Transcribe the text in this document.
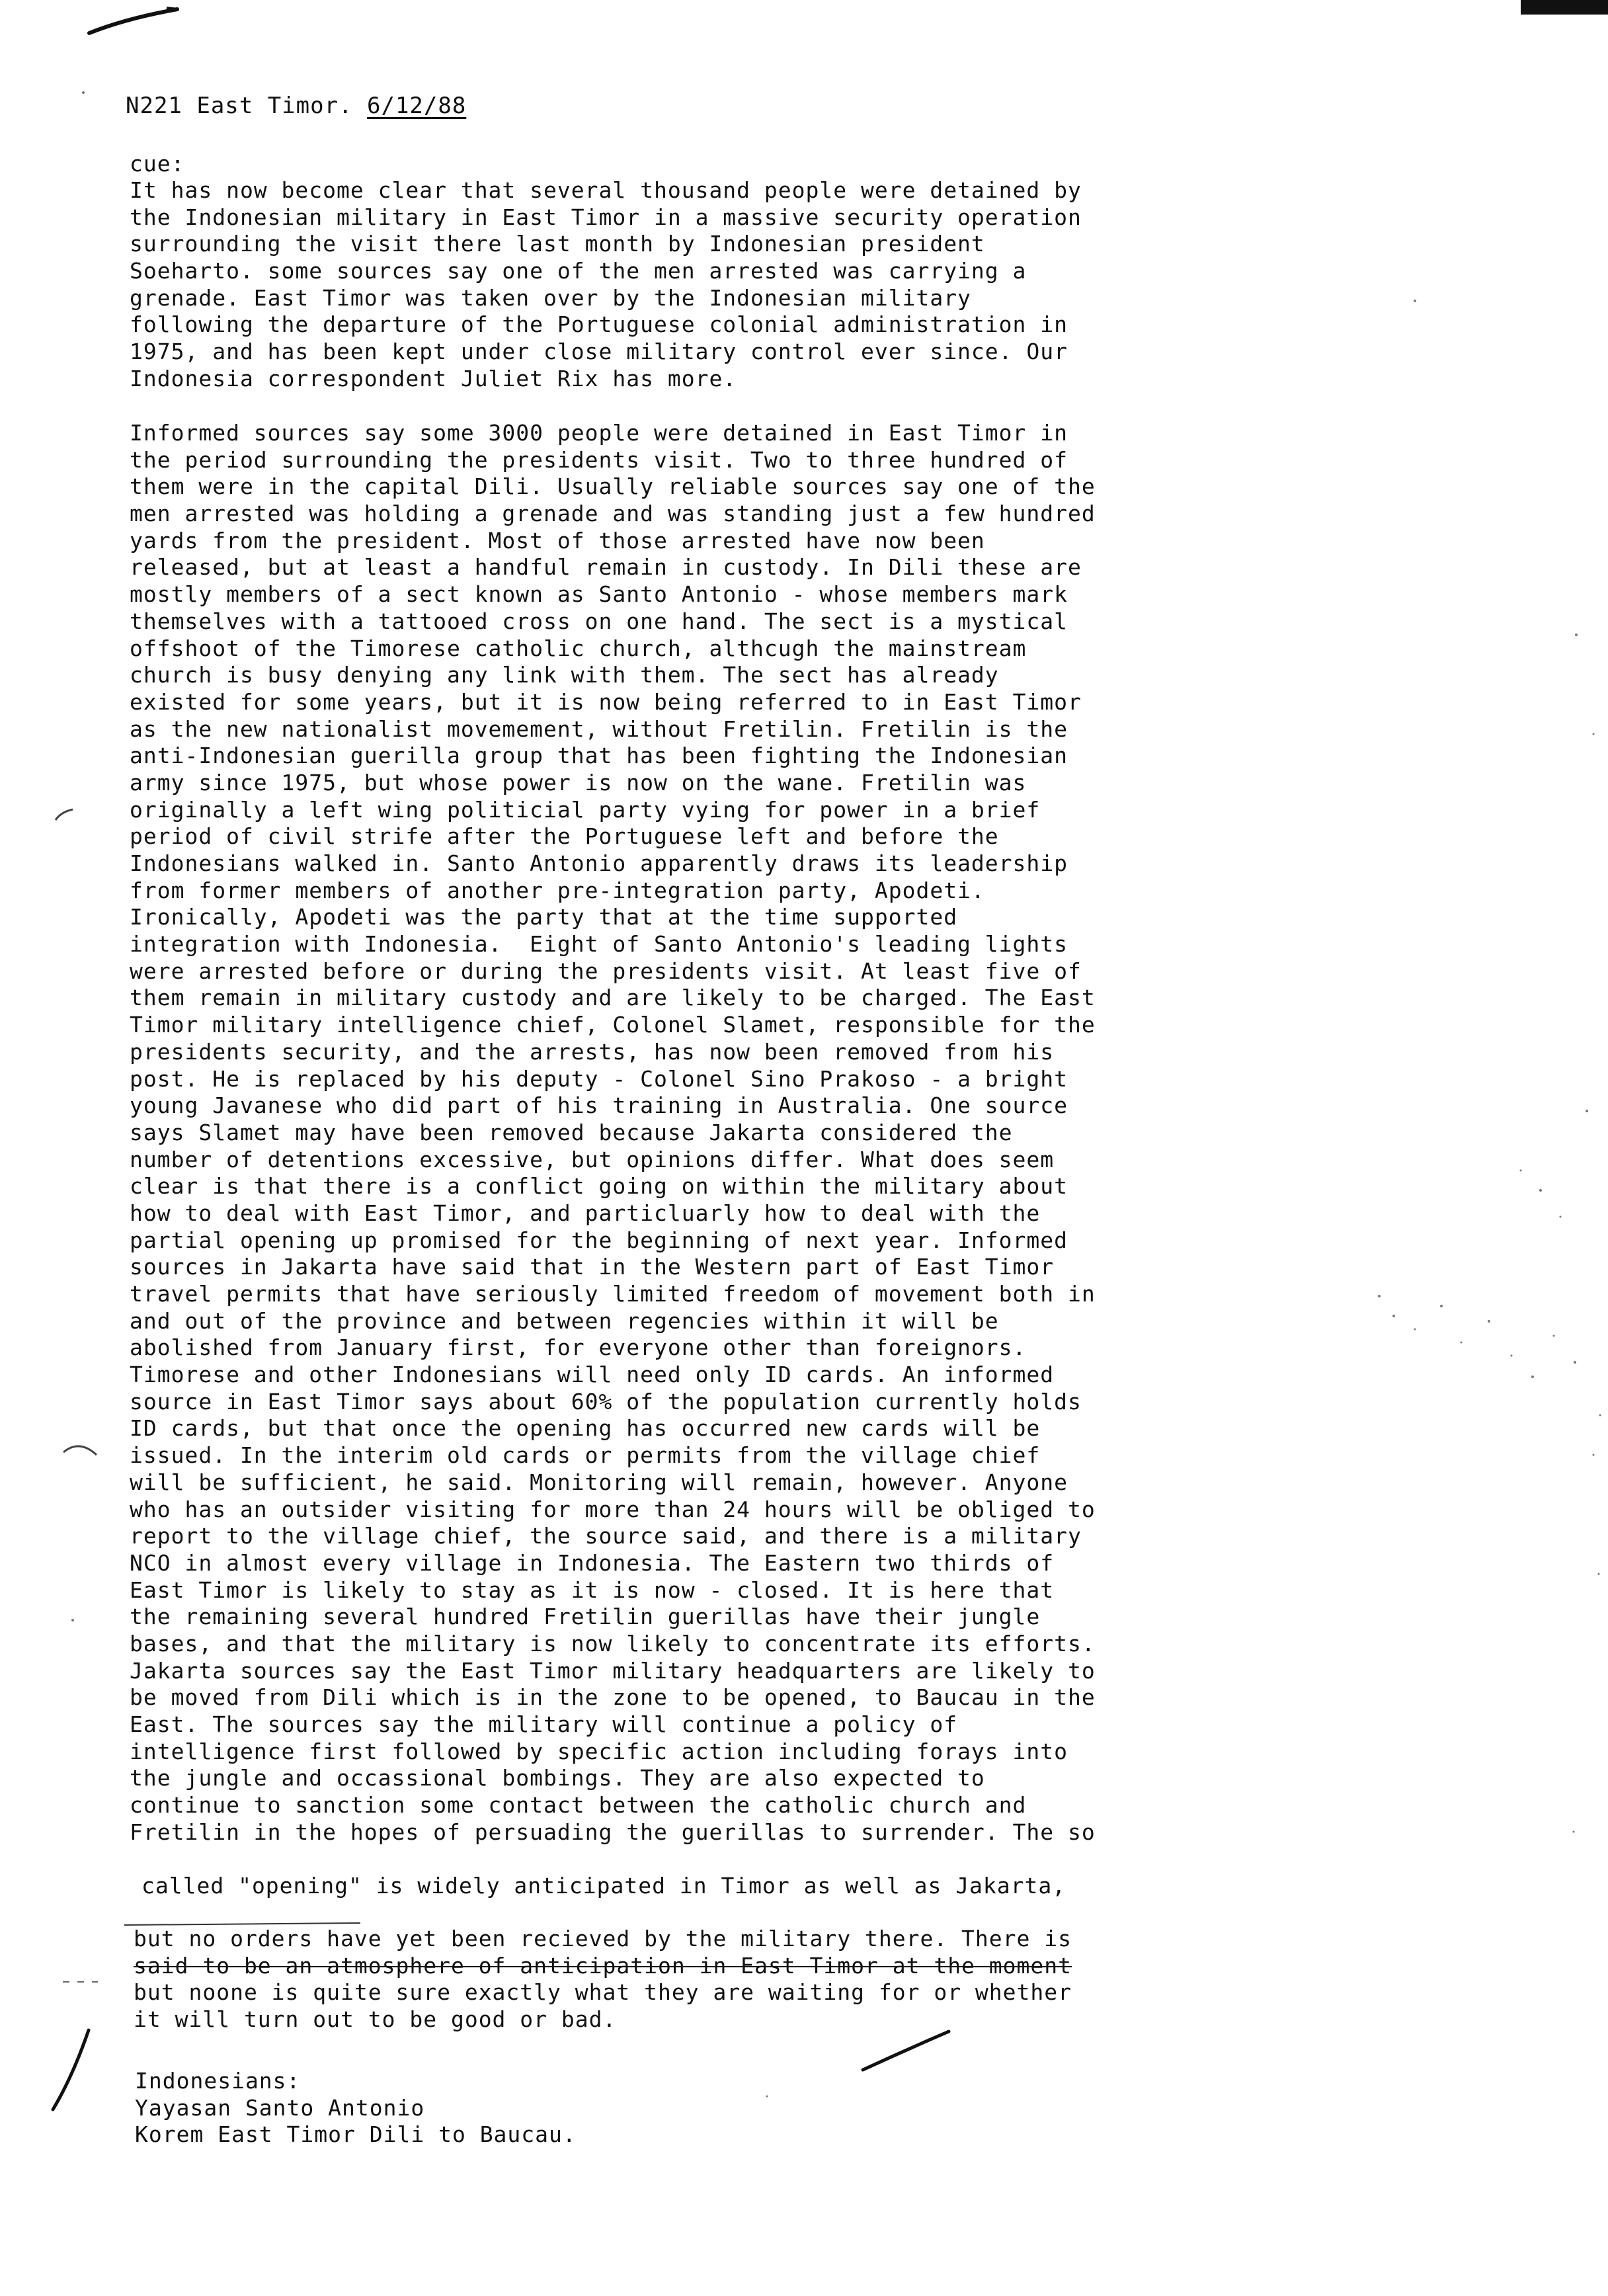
N221 East Timor. 6/12/88
cue:
It has now become clear that several thousand people were detained by
the Indonesian military in East Timor in a massive security operation
surrounding the visit there last month by Indonesian president
Soeharto. some sources say one of the men arrested was carrying a
grenade. East Timor was taken over by the Indonesian military
following the departure of the Portuguese colonial administration in
1975, and has been kept under close military control ever since. Our
Indonesia correspondent Juliet Rix has more.
Informed sources say some 3000 people were detained in East Timor in
the period surrounding the presidents visit. Two to three hundred of
them were in the capital Dili. Usually reliable sources say one of the
men arrested was holding a grenade and was standing just a few hundred
yards from the president. Most of those arrested have now been
released, but at least a handful remain in custody. In Dili these are
mostly members of a sect known as Santo Antonio - whose members mark
themselves with a tattooed cross on one hand. The sect is a mystical
offshoot of the Timorese catholic church, althcugh the mainstream
church is busy denying any link with them. The sect has already
existed for some years, but it is now being referred to in East Timor
as the new nationalist movemement, without Fretilin. Fretilin is the
anti-Indonesian guerilla group that has been fighting the Indonesian
army since 1975, but whose power is now on the wane. Fretilin was
originally a left wing politicial party vying for power in a brief
period of civil strife after the Portuguese left and before the
Indonesians walked in. Santo Antonio apparently draws its leadership
from former members of another pre-integration party, Apodeti.
Ironically, Apodeti was the party that at the time supported
integration with Indonesia.  Eight of Santo Antonio's leading lights
were arrested before or during the presidents visit. At least five of
them remain in military custody and are likely to be charged. The East
Timor military intelligence chief, Colonel Slamet, responsible for the
presidents security, and the arrests, has now been removed from his
post. He is replaced by his deputy - Colonel Sino Prakoso - a bright
young Javanese who did part of his training in Australia. One source
says Slamet may have been removed because Jakarta considered the
number of detentions excessive, but opinions differ. What does seem
clear is that there is a conflict going on within the military about
how to deal with East Timor, and particluarly how to deal with the
partial opening up promised for the beginning of next year. Informed
sources in Jakarta have said that in the Western part of East Timor
travel permits that have seriously limited freedom of movement both in
and out of the province and between regencies within it will be
abolished from January first, for everyone other than foreignors.
Timorese and other Indonesians will need only ID cards. An informed
source in East Timor says about 60% of the population currently holds
ID cards, but that once the opening has occurred new cards will be
issued. In the interim old cards or permits from the village chief
will be sufficient, he said. Monitoring will remain, however. Anyone
who has an outsider visiting for more than 24 hours will be obliged to
report to the village chief, the source said, and there is a military
NCO in almost every village in Indonesia. The Eastern two thirds of
East Timor is likely to stay as it is now - closed. It is here that
the remaining several hundred Fretilin guerillas have their jungle
bases, and that the military is now likely to concentrate its efforts.
Jakarta sources say the East Timor military headquarters are likely to
be moved from Dili which is in the zone to be opened, to Baucau in the
East. The sources say the military will continue a policy of
intelligence first followed by specific action including forays into
the jungle and occassional bombings. They are also expected to
continue to sanction some contact between the catholic church and
Fretilin in the hopes of persuading the guerillas to surrender. The so
called "opening" is widely anticipated in Timor as well as Jakarta,
but no orders have yet been recieved by the military there. There is
said to be an atmosphere of anticipation in East Timor at the moment
but noone is quite sure exactly what they are waiting for or whether
it will turn out to be good or bad.
Indonesians:
Yayasan Santo Antonio
Korem East Timor Dili to Baucau.
